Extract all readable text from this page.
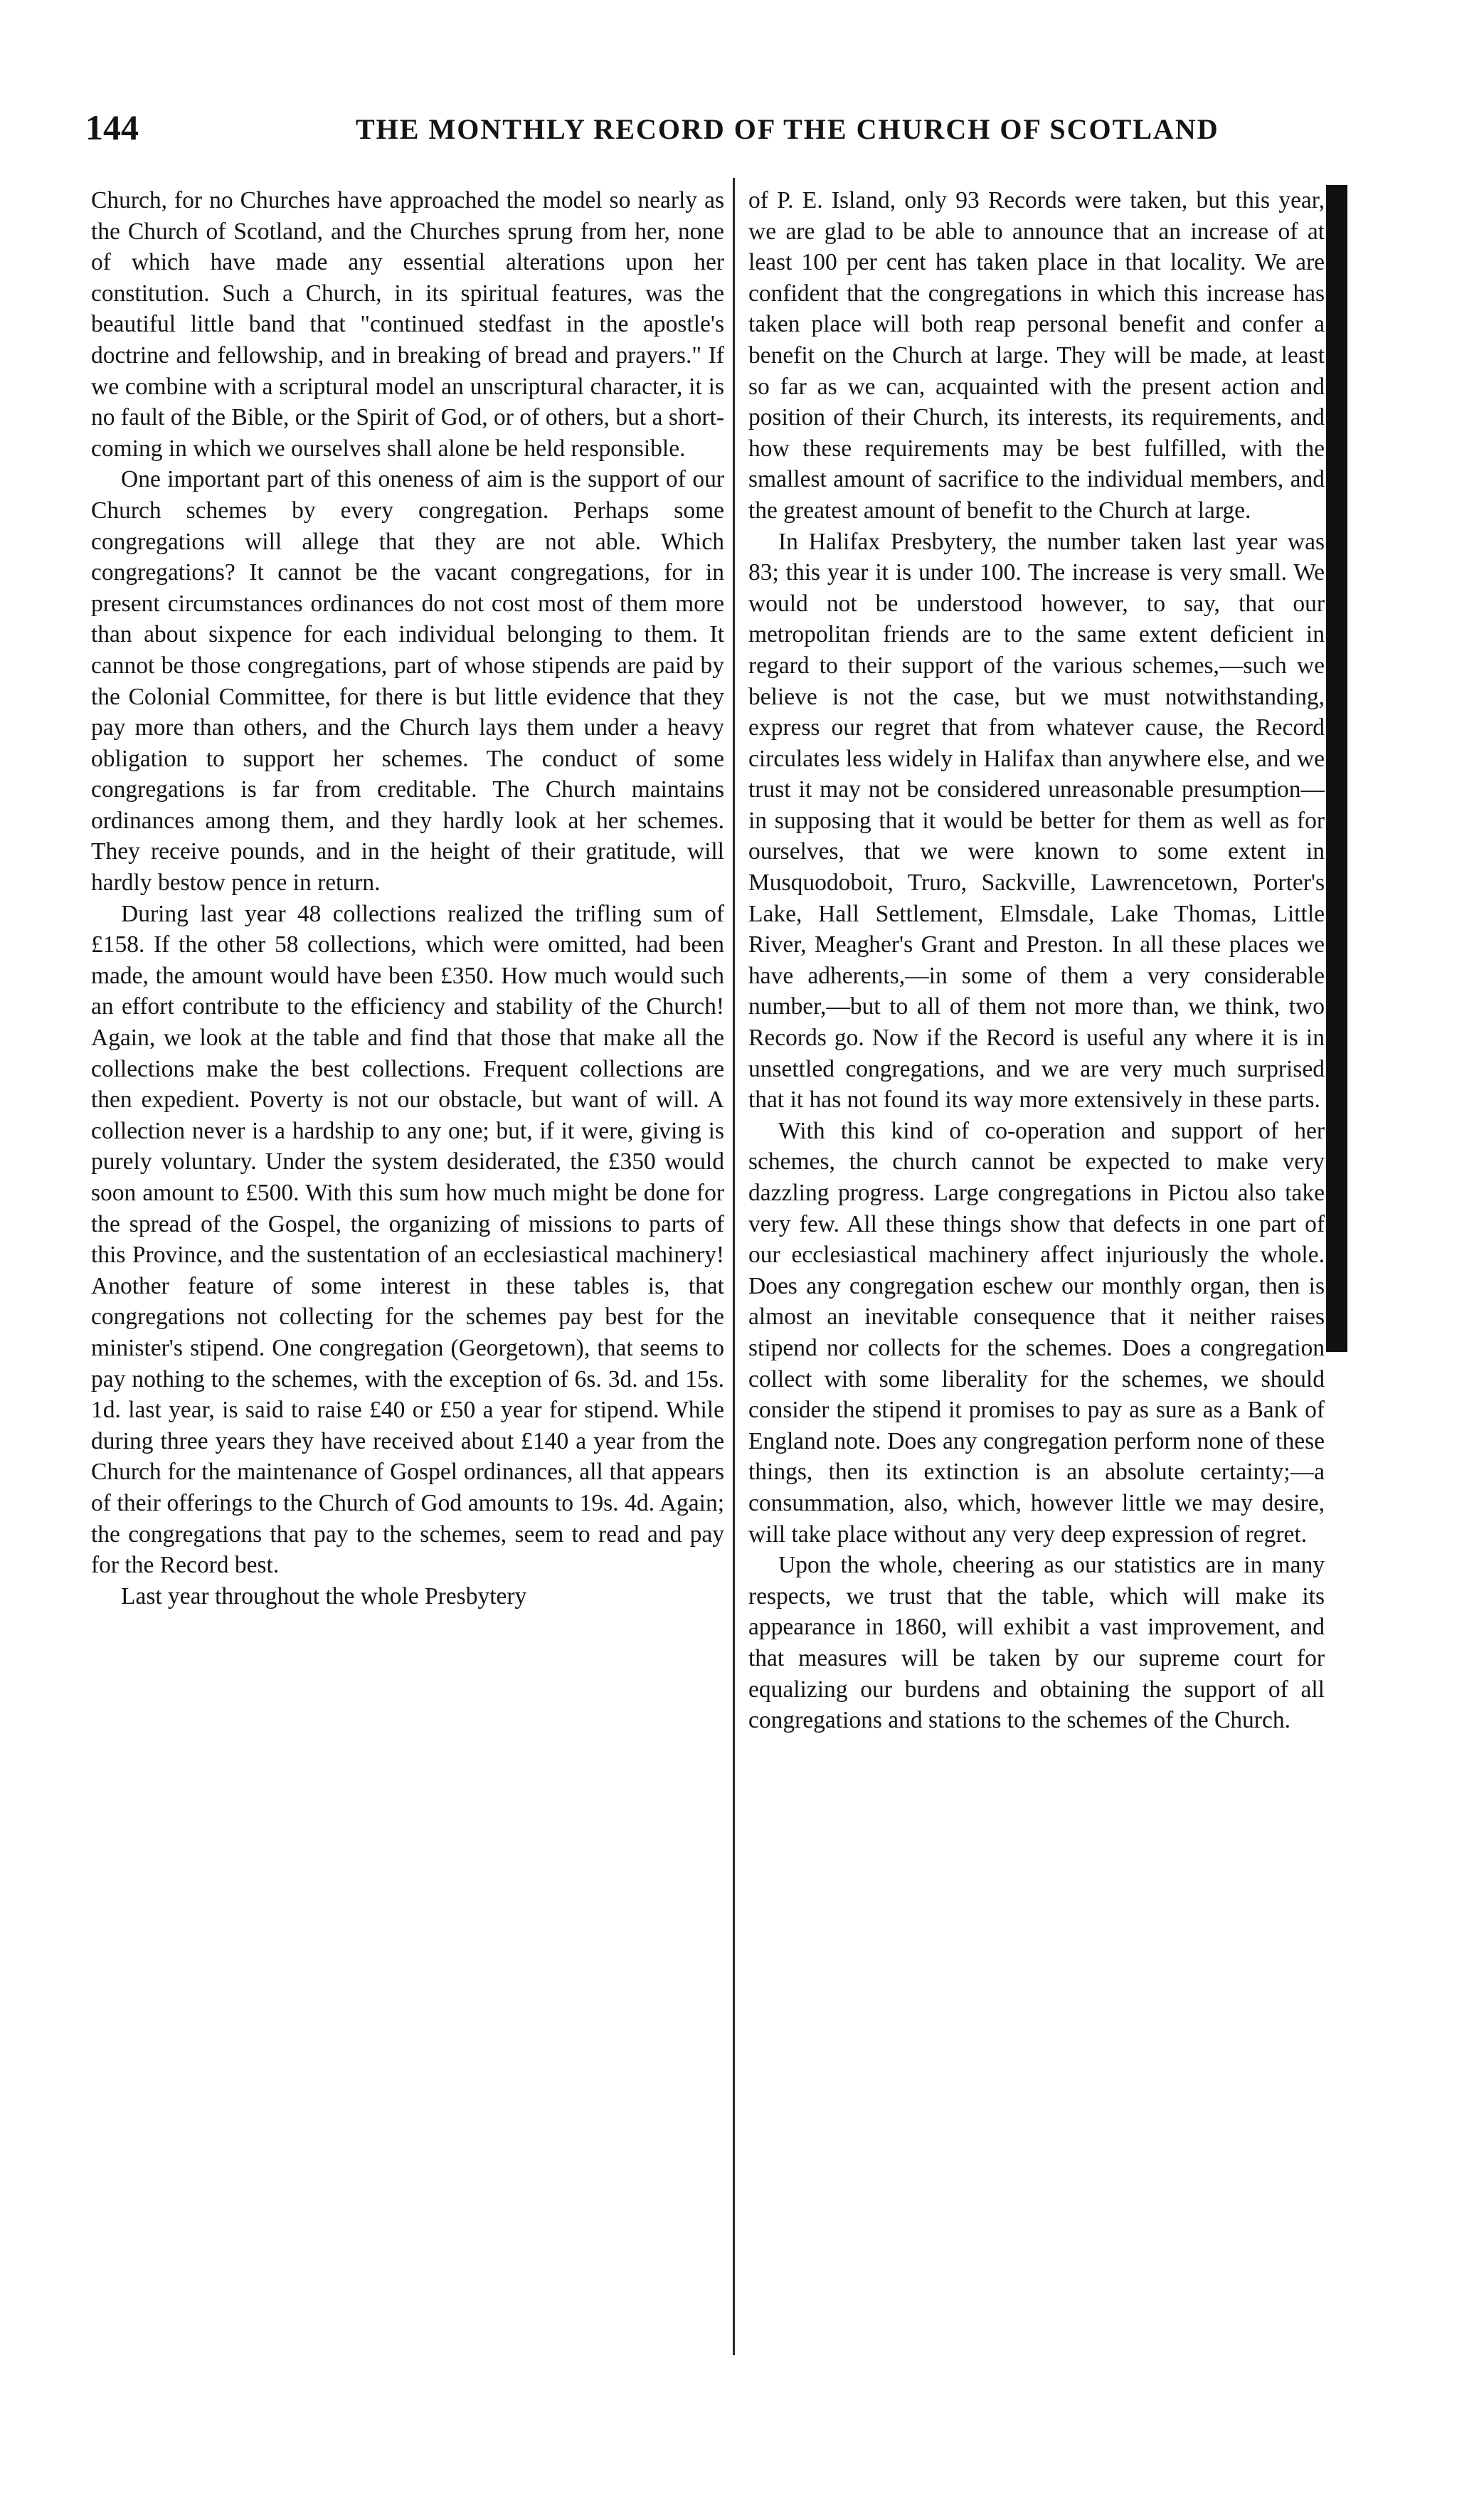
144	THE MONTHLY RECORD OF THE CHURCH OF SCOTLAND

Church, for no Churches have approached the model so nearly as the Church of Scotland, and the Churches sprung from her, none of which have made any essential alterations upon her constitution. Such a Church, in its spiritual features, was the beautiful little band that "continued stedfast in the apostle's doctrine and fellowship, and in breaking of bread and prayers." If we combine with a scriptural model an unscriptural character, it is no fault of the Bible, or the Spirit of God, or of others, but a short-coming in which we ourselves shall alone be held responsible.

One important part of this oneness of aim is the support of our Church schemes by every congregation. Perhaps some congregations will allege that they are not able. Which congregations? It cannot be the vacant congregations, for in present circumstances ordinances do not cost most of them more than about sixpence for each individual belonging to them. It cannot be those congregations, part of whose stipends are paid by the Colonial Committee, for there is but little evidence that they pay more than others, and the Church lays them under a heavy obligation to support her schemes. The conduct of some congregations is far from creditable. The Church maintains ordinances among them, and they hardly look at her schemes. They receive pounds, and in the height of their gratitude, will hardly bestow pence in return.

During last year 48 collections realized the trifling sum of £158. If the other 58 collections, which were omitted, had been made, the amount would have been £350. How much would such an effort contribute to the efficiency and stability of the Church! Again, we look at the table and find that those that make all the collections make the best collections. Frequent collections are then expedient. Poverty is not our obstacle, but want of will. A collection never is a hardship to any one; but, if it were, giving is purely voluntary. Under the system desiderated, the £350 would soon amount to £500. With this sum how much might be done for the spread of the Gospel, the organizing of missions to parts of this Province, and the sustentation of an ecclesiastical machinery! Another feature of some interest in these tables is, that congregations not collecting for the schemes pay best for the minister's stipend. One congregation (Georgetown), that seems to pay nothing to the schemes, with the exception of 6s. 3d. and 15s. 1d. last year, is said to raise £40 or £50 a year for stipend. While during three years they have received about £140 a year from the Church for the maintenance of Gospel ordinances, all that appears of their offerings to the Church of God amounts to 19s. 4d. Again; the congregations that pay to the schemes, seem to read and pay for the Record best.

Last year throughout the whole Presbytery

of P. E. Island, only 93 Records were taken, but this year, we are glad to be able to announce that an increase of at least 100 per cent has taken place in that locality. We are confident that the congregations in which this increase has taken place will both reap personal benefit and confer a benefit on the Church at large. They will be made, at least so far as we can, acquainted with the present action and position of their Church, its interests, its requirements, and how these requirements may be best fulfilled, with the smallest amount of sacrifice to the individual members, and the greatest amount of benefit to the Church at large.

In Halifax Presbytery, the number taken last year was 83; this year it is under 100. The increase is very small. We would not be understood however, to say, that our metropolitan friends are to the same extent deficient in regard to their support of the various schemes,—such we believe is not the case, but we must notwithstanding, express our regret that from whatever cause, the Record circulates less widely in Halifax than anywhere else, and we trust it may not be considered unreasonable presumption—in supposing that it would be better for them as well as for ourselves, that we were known to some extent in Musquodoboit, Truro, Sackville, Lawrencetown, Porter's Lake, Hall Settlement, Elmsdale, Lake Thomas, Little River, Meagher's Grant and Preston. In all these places we have adherents,—in some of them a very considerable number,—but to all of them not more than, we think, two Records go. Now if the Record is useful any where it is in unsettled congregations, and we are very much surprised that it has not found its way more extensively in these parts.

With this kind of co-operation and support of her schemes, the church cannot be expected to make very dazzling progress. Large congregations in Pictou also take very few. All these things show that defects in one part of our ecclesiastical machinery affect injuriously the whole. Does any congregation eschew our monthly organ, then is almost an inevitable consequence that it neither raises stipend nor collects for the schemes. Does a congregation collect with some liberality for the schemes, we should consider the stipend it promises to pay as sure as a Bank of England note. Does any congregation perform none of these things, then its extinction is an absolute certainty;—a consummation, also, which, however little we may desire, will take place without any very deep expression of regret.

Upon the whole, cheering as our statistics are in many respects, we trust that the table, which will make its appearance in 1860, will exhibit a vast improvement, and that measures will be taken by our supreme court for equalizing our burdens and obtaining the support of all congregations and stations to the schemes of the Church.
